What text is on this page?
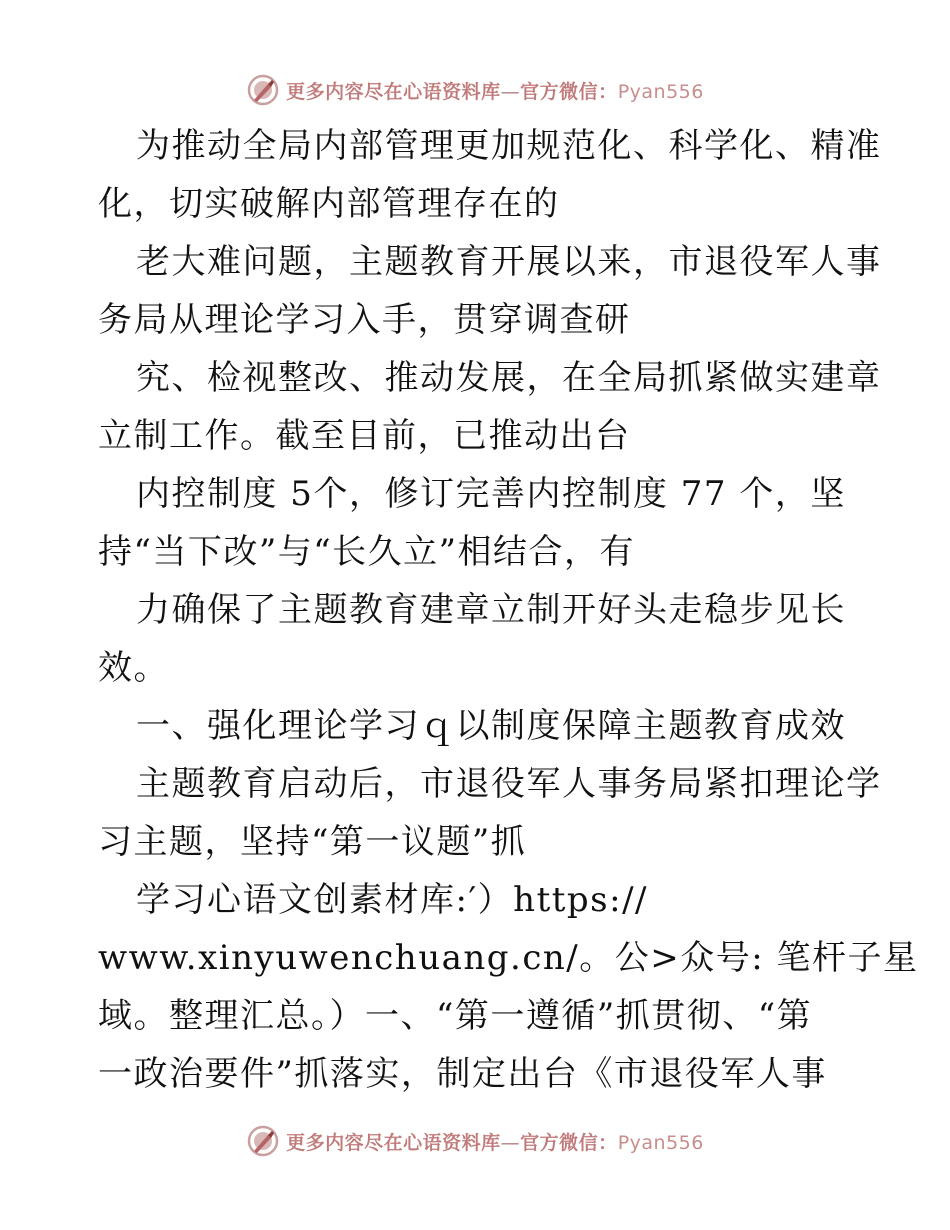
更多内容尽在心语资料库—官方微信：Pyan556
为推动全局内部管理更加规范化、科学化、精准
化，切实破解内部管理存在的
老大难问题，主题教育开展以来，市退役军人事
务局从理论学习入手，贯穿调查研
究、检视整改、推动发展，在全局抓紧做实建章
立制工作。截至目前，已推动出台
内控制度 5个，修订完善内控制度 77 个，坚
持“当下改”与“长久立”相结合，有
力确保了主题教育建章立制开好头走稳步见长
效。
一、强化理论学习ｑ以制度保障主题教育成效
主题教育启动后，市退役军人事务局紧扣理论学
习主题，坚持“第一议题”抓
学习心语文创素材库:′）https://
www.xinyuwenchuang.cn/。公>众号: 笔杆子星
域。整理汇总。）一、“第一遵循”抓贯彻、“第
一政治要件”抓落实，制定出台《市退役军人事
更多内容尽在心语资料库—官方微信：Pyan556
